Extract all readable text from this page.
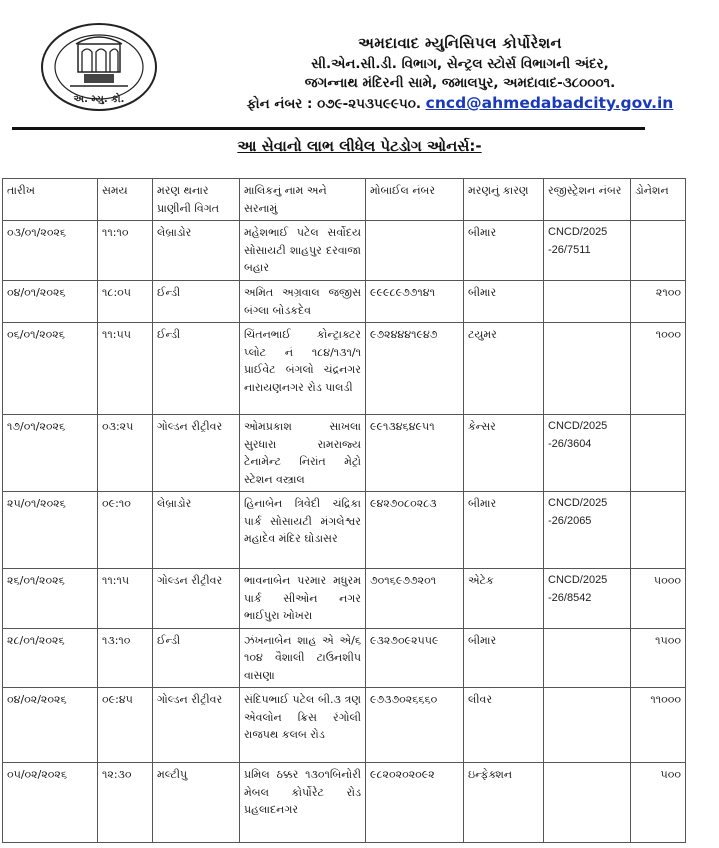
અ. મ્યુ. કો.
અમદાવાદ મ્યુનિસિપલ કોર્પોરેશન
સી.એન.સી.ડી. વિભાગ, સેન્ટ્રલ સ્ટોર્સ વિભાગની અંદર,
જગન્નાથ મંદિરની સામે, જમાલપુર, અમદાવાદ-૩૮૦૦૦૧.
ફોન નંબર : ૦૭૯-૨૫૩૫૯૯૫૦. cncd@ahmedabadcity.gov.in
આ સેવાનો લાભ લીધેલ પેટડોગ ઓનર્સ:-
તારીખ	સમય	મરણ થનાર પ્રાણીની વિગત	માલિકનું નામ અને સરનામું	મોબાઈલ નંબર	મરણનું કારણ	રજીસ્ટ્રેશન નંબર	ડોનેશન
૦૩/૦૧/૨૦૨૬	૧૧:૧૦	લેબ્રાડોર	મહેશભાઈ પટેલ સર્વોદય સોસાયટી શાહપુર દરવાજા બહાર		બીમાર	CNCD/2025 -26/7511	
૦૪/૦૧/૨૦૨૬	૧૮:૦૫	ઈન્ડી	અમિત અગ્રવાલ જજીસ બંગ્લા બોડકદેવ	૯૯૯૮૯૭૭૧૪૧	બીમાર		૨૧૦૦
૦૬/૦૧/૨૦૨૬	૧૧:૫૫	ઈન્ડી	ચિંતનભાઈ કોન્ટ્રાક્ટર પ્લોટ નં ૧૮૪/૧૩૧/૧ પ્રાઈવેટ બંગલો ચંદ્રનગર નારાયણનગર રોડ પાલડી	૯૭૨૪૪૪૧૯૪૭	ટયુમર		૧૦૦૦
૧૭/૦૧/૨૦૨૬	૦૩:૨૫	ગોલ્ડન રીટ્રીવર	ઓમપ્રકાશ સાખલા સુરધારા રામરાજ્ય ટેનામેન્ટ નિરાંત મેટ્રો સ્ટેશન વસ્ત્રાલ	૯૯૧૩૪૬૪૯૫૧	કેન્સર	CNCD/2025 -26/3604	
૨૫/૦૧/૨૦૨૬	૦૯:૧૦	લેબ્રાડોર	હિનાબેન ત્રિવેદી ચંદ્રિકા પાર્ક સોસાયટી મંગલેશ્વર મહાદેવ મંદિર ઘોડાસર	૯૪૨૭૦૮૦૨૮૩	બીમાર	CNCD/2025 -26/2065	
૨૬/૦૧/૨૦૨૬	૧૧:૧૫	ગોલ્ડન રીટ્રીવર	ભાવનાબેન પરમાર મધુરમ પાર્ક સીઓન નગર ભાઈપુરા ખોખરા	૭૦૧૬૯૭૭૨૦૧	એટેક	CNCD/2025 -26/8542	૫૦૦૦
૨૮/૦૧/૨૦૨૬	૧૩:૧૦	ઈન્ડી	ઝંખનાબેન શાહ એ એ/૬ ૧૦૪ વૈશાલી ટાઉનશીપ વાસણા	૯૩૨૭૦૯૨૫૫૯	બીમાર		૧૫૦૦
૦૪/૦૨/૨૦૨૬	૦૯:૪૫	ગોલ્ડન રીટ્રીવર	સંદિપભાઈ પટેલ બી.૩ ત્રણ એવલોન ક્રિસ રંગોલી રાજપથ કલબ રોડ	૯૭૩૭૦૨૬૬૬૦	લીવર		૧૧૦૦૦
૦૫/૦૨/૨૦૨૬	૧૨:૩૦	મલ્ટીપુ	પ્રમિલ ઠક્કર ૧૩૦૧બિનોરી મેબલ કોર્પોરેટ રોડ પ્રહલાદનગર	૯૮૨૦૨૦૨૦૯૨	ઇન્ફેક્શન		૫૦૦
